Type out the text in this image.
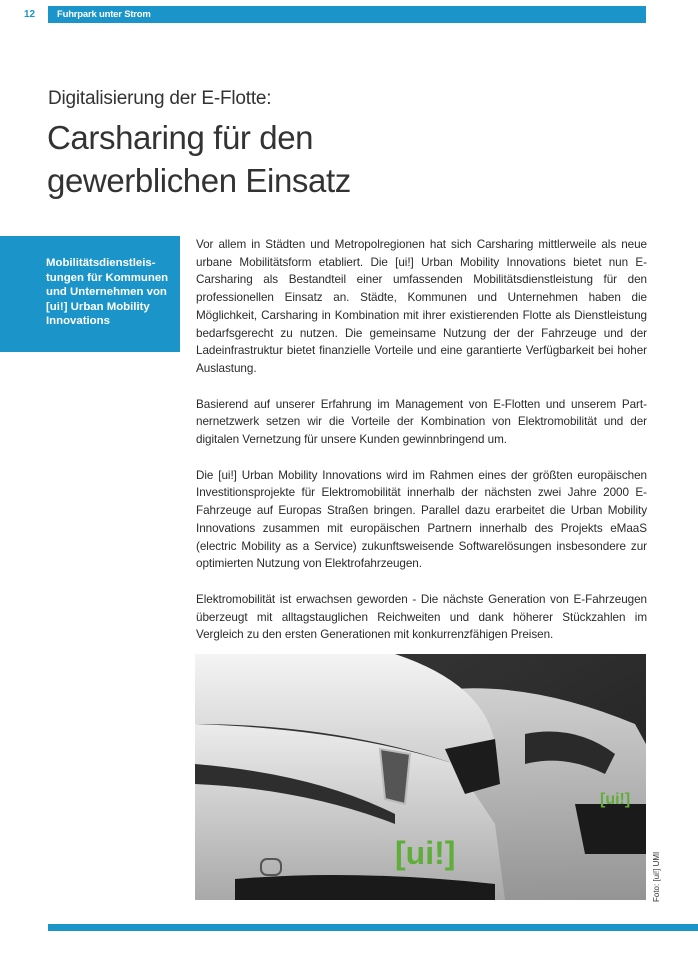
12 Fuhrpark unter Strom
Digitalisierung der E-Flotte:
Carsharing für den gewerblichen Einsatz
Mobilitätsdienstleistungen für Kommunen und Unternehmen von [ui!] Urban Mobility Innovations

Vor allem in Städten und Metropolregionen hat sich Carsharing mittlerweile als neue urbane Mobilitätsform etabliert. Die [ui!] Urban Mobility Innovations bietet nun E-Carsharing als Bestandteil einer umfassenden Mobilitätsdienstleistung für den professionellen Einsatz an. Städte, Kommunen und Unternehmen haben die Möglichkeit, Carsharing in Kombination mit ihrer existierenden Flotte als Dienstleistung bedarfsgerecht zu nutzen. Die gemeinsame Nutzung der der Fahrzeuge und der Ladeinfrastruktur bietet finanzielle Vorteile und eine garantierte Verfügbarkeit bei hoher Auslastung.

Basierend auf unserer Erfahrung im Management von E-Flotten und unserem Partnernetzwerk setzen wir die Vorteile der Kombination von Elektromobilität und der digitalen Vernetzung für unsere Kunden gewinnbringend um.

Die [ui!] Urban Mobility Innovations wird im Rahmen eines der größten europäischen Investitionsprojekte für Elektromobilität innerhalb der nächsten zwei Jahre 2000 E-Fahrzeuge auf Europas Straßen bringen. Parallel dazu erarbeitet die Urban Mobility Innovations zusammen mit europäischen Partnern innerhalb des Projekts eMaaS (electric Mobility as a Service) zukunftsweisende Softwarelösungen insbesondere zur optimierten Nutzung von Elektrofahrzeugen.

Elektromobilität ist erwachsen geworden - Die nächste Generation von E-Fahrzeugen überzeugt mit alltagstauglichen Reichweiten und dank höherer Stückzahlen im Vergleich zu den ersten Generationen mit konkurrenzfähigen Preisen.

[ui!]
[ui!]	Foto: [ui!] UMI
